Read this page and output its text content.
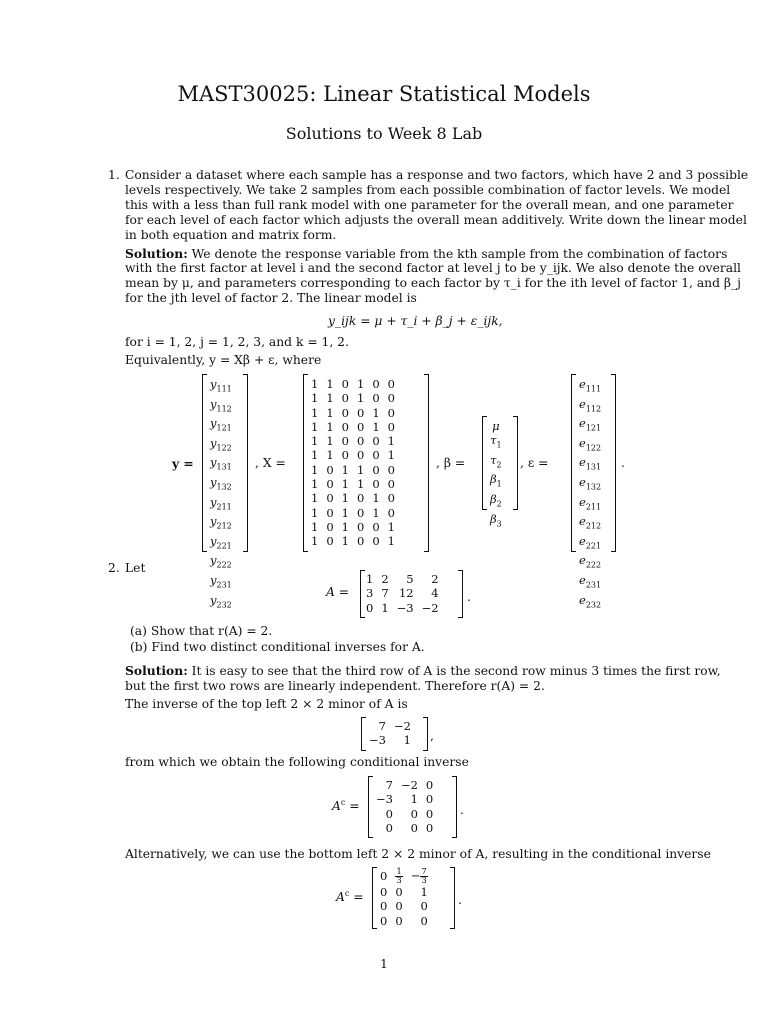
MAST30025: Linear Statistical Models
Solutions to Week 8 Lab
1. Consider a dataset where each sample has a response and two factors, which have 2 and 3 possible
levels respectively. We take 2 samples from each possible combination of factor levels. We model
this with a less than full rank model with one parameter for the overall mean, and one parameter
for each level of each factor which adjusts the overall mean additively. Write down the linear model
in both equation and matrix form.
Solution: We denote the response variable from the kth sample from the combination of factors
with the first factor at level i and the second factor at level j to be y_ijk. We also denote the overall
mean by μ, and parameters corresponding to each factor by τ_i for the ith level of factor 1, and β_j
for the jth level of factor 2. The linear model is
y_ijk = μ + τ_i + β_j + ε_ijk,
for i = 1, 2, j = 1, 2, 3, and k = 1, 2.
Equivalently, y = Xβ + ε, where
y =
$y_{111}$
$y_{112}$
$y_{121}$
$y_{122}$
$y_{131}$
$y_{132}$
$y_{211}$
$y_{212}$
$y_{221}$
$y_{222}$
$y_{231}$
$y_{232}$
, X =
1	1	0	1	0	0
1	1	0	1	0	0
1	1	0	0	1	0
1	1	0	0	1	0
1	1	0	0	0	1
1	1	0	0	0	1
1	0	1	1	0	0
1	0	1	1	0	0
1	0	1	0	1	0
1	0	1	0	1	0
1	0	1	0	0	1
1	0	1	0	0	1
, β =
μ
$\tau_1$
$\tau_2$
$\beta_1$
$\beta_2$
$\beta_3$
, ε =
$e_{111}$
$e_{112}$
$e_{121}$
$e_{122}$
$e_{131}$
$e_{132}$
$e_{211}$
$e_{212}$
$e_{221}$
$e_{222}$
$e_{231}$
$e_{232}$
.
2. Let
A =
1	2	5	2
3	7	12	4
0	1	−3	−2
.
(a) Show that r(A) = 2.
(b) Find two distinct conditional inverses for A.
Solution: It is easy to see that the third row of A is the second row minus 3 times the first row,
but the first two rows are linearly independent. Therefore r(A) = 2.
The inverse of the top left 2 × 2 minor of A is
7	−2
−3	1 ,
from which we obtain the following conditional inverse
$A^c$ =
7	−2	0
−3	1	0
0	0	0
0	0	0
.
Alternatively, we can use the bottom left 2 × 2 minor of A, resulting in the conditional inverse
$A^c$ =
0	$\frac{1}{3}$	− $\frac{7}{3}$

0	0	1
0	0	0
0	0	0
.
1
